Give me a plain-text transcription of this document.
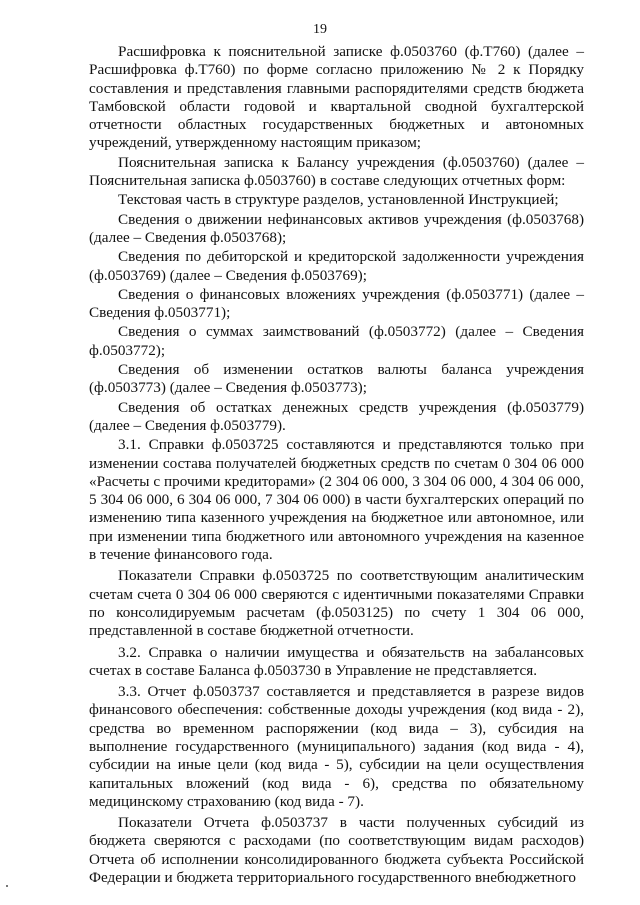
19

Расшифровка к пояснительной записке ф.0503760 (ф.Т760) (далее – Расшифровка ф.Т760) по форме согласно приложению № 2 к Порядку составления и представления главными распорядителями средств бюджета Тамбовской области годовой и квартальной сводной бухгалтерской отчетности областных государственных бюджетных и автономных учреждений, утвержденному настоящим приказом;

Пояснительная записка к Балансу учреждения (ф.0503760) (далее – Пояснительная записка ф.0503760) в составе следующих отчетных форм:

Текстовая часть в структуре разделов, установленной Инструкцией;

Сведения о движении нефинансовых активов учреждения (ф.0503768) (далее – Сведения ф.0503768);

Сведения по дебиторской и кредиторской задолженности учреждения (ф.0503769) (далее – Сведения ф.0503769);

Сведения о финансовых вложениях учреждения (ф.0503771) (далее – Сведения ф.0503771);

Сведения о суммах заимствований (ф.0503772) (далее – Сведения ф.0503772);

Сведения об изменении остатков валюты баланса учреждения (ф.0503773) (далее – Сведения ф.0503773);

Сведения об остатках денежных средств учреждения (ф.0503779) (далее – Сведения ф.0503779).

3.1. Справки ф.0503725 составляются и представляются только при изменении состава получателей бюджетных средств по счетам 0 304 06 000 «Расчеты с прочими кредиторами» (2 304 06 000, 3 304 06 000, 4 304 06 000, 5 304 06 000, 6 304 06 000, 7 304 06 000) в части бухгалтерских операций по изменению типа казенного учреждения на бюджетное или автономное, или при изменении типа бюджетного или автономного учреждения на казенное в течение финансового года.

Показатели Справки ф.0503725 по соответствующим аналитическим счетам счета 0 304 06 000 сверяются с идентичными показателями Справки по консолидируемым расчетам (ф.0503125) по счету 1 304 06 000, представленной в составе бюджетной отчетности.

3.2. Справка о наличии имущества и обязательств на забалансовых счетах в составе Баланса ф.0503730 в Управление не представляется.

3.3. Отчет ф.0503737 составляется и представляется в разрезе видов финансового обеспечения: собственные доходы учреждения (код вида - 2), средства во временном распоряжении (код вида – 3), субсидия на выполнение государственного (муниципального) задания (код вида - 4), субсидии на иные цели (код вида - 5), субсидии на цели осуществления капитальных вложений (код вида - 6), средства по обязательному медицинскому страхованию (код вида - 7).

Показатели Отчета ф.0503737 в части полученных субсидий из бюджета сверяются с расходами (по соответствующим видам расходов) Отчета об исполнении консолидированного бюджета субъекта Российской Федерации и бюджета территориального государственного внебюджетного
